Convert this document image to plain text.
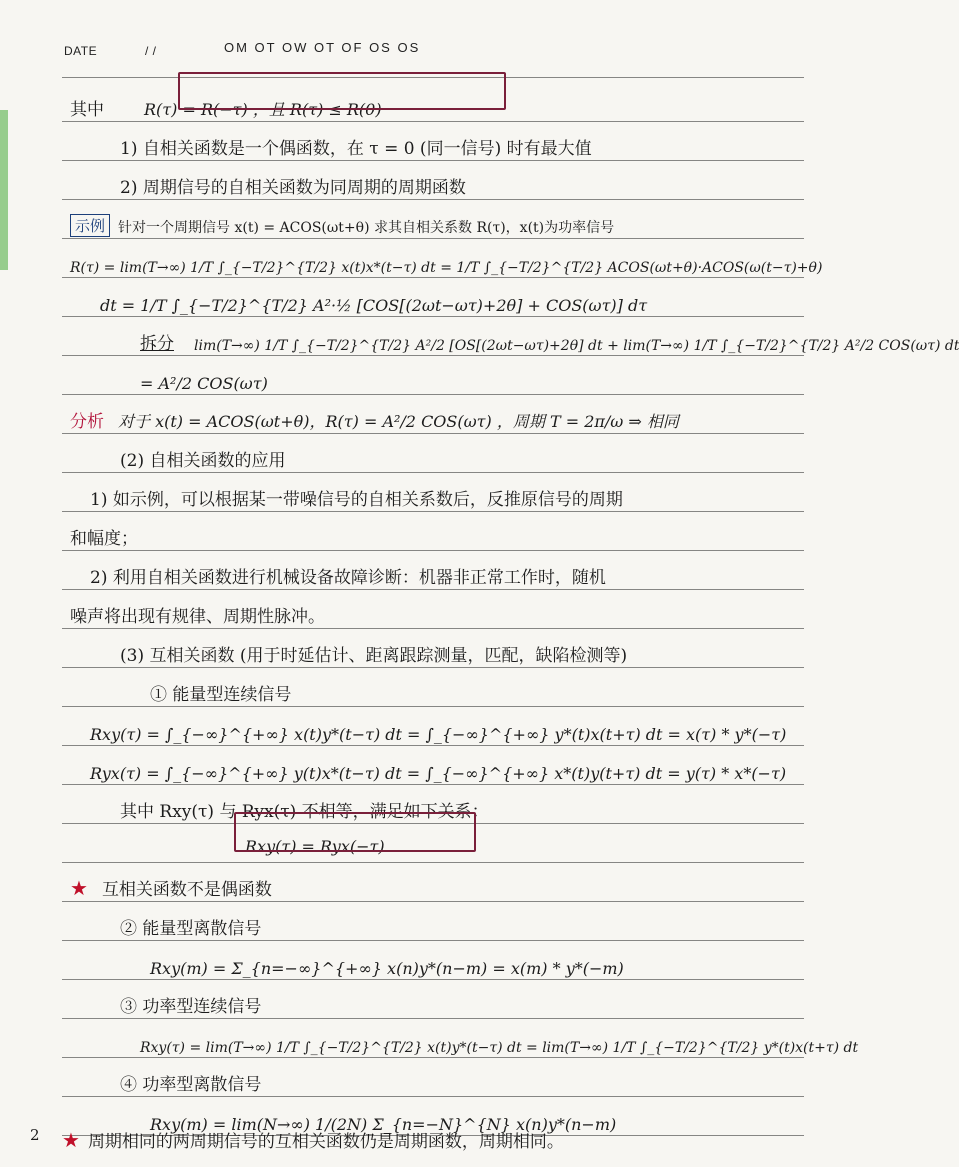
DATE	/ /	OM OT OW OT OF OS OS
其中	R(τ) = R(−τ) ，且 R(τ) ≤ R(0)
1) 自相关函数是一个偶函数，在 τ = 0 (同一信号) 时有最大值
2) 周期信号的自相关函数为同周期的周期函数
示例 针对一个周期信号 x(t) = ACOS(ωt+θ) 求其自相关系数 R(τ)，x(t)为功率信号
R(τ) = lim(T→∞) 1/T ∫_{−T/2}^{T/2} x(t)x*(t−τ) dt = 1/T ∫_{−T/2}^{T/2} ACOS(ωt+θ)·ACOS(ω(t−τ)+θ)
dt = 1/T ∫_{−T/2}^{T/2} A²·½ [COS[(2ωt−ωτ)+2θ] + COS(ωτ)] dτ
拆分 lim(T→∞) 1/T ∫_{−T/2}^{T/2} A²/2 [OS[(2ωt−ωτ)+2θ] dt + lim(T→∞) 1/T ∫_{−T/2}^{T/2} A²/2 COS(ωτ) dt
= A²/2 COS(ωτ)
分析 对于 x(t) = ACOS(ωt+θ)，R(τ) = A²/2 COS(ωτ) ，周期 T = 2π/ω ⇒ 相同
(2) 自相关函数的应用
1) 如示例，可以根据某一带噪信号的自相关系数后，反推原信号的周期
和幅度；
2) 利用自相关函数进行机械设备故障诊断：机器非正常工作时，随机
噪声将出现有规律、周期性脉冲。
(3) 互相关函数 (用于时延估计、距离跟踪测量，匹配，缺陷检测等)
① 能量型连续信号
Rxy(τ) = ∫_{−∞}^{+∞} x(t)y*(t−τ) dt = ∫_{−∞}^{+∞} y*(t)x(t+τ) dt = x(τ) * y*(−τ)
Ryx(τ) = ∫_{−∞}^{+∞} y(t)x*(t−τ) dt = ∫_{−∞}^{+∞} x*(t)y(t+τ) dt = y(τ) * x*(−τ)
其中 Rxy(τ) 与 Ryx(τ) 不相等，满足如下关系：
Rxy(τ) = Ryx(−τ)
★ 互相关函数不是偶函数
② 能量型离散信号
Rxy(m) = Σ_{n=−∞}^{+∞} x(n)y*(n−m) = x(m) * y*(−m)
③ 功率型连续信号
Rxy(τ) = lim(T→∞) 1/T ∫_{−T/2}^{T/2} x(t)y*(t−τ) dt = lim(T→∞) 1/T ∫_{−T/2}^{T/2} y*(t)x(t+τ) dt
④ 功率型离散信号
Rxy(m) = lim(N→∞) 1/(2N) Σ_{n=−N}^{N} x(n)y*(n−m)
2 ★ 周期相同的两周期信号的互相关函数仍是周期函数，周期相同。
